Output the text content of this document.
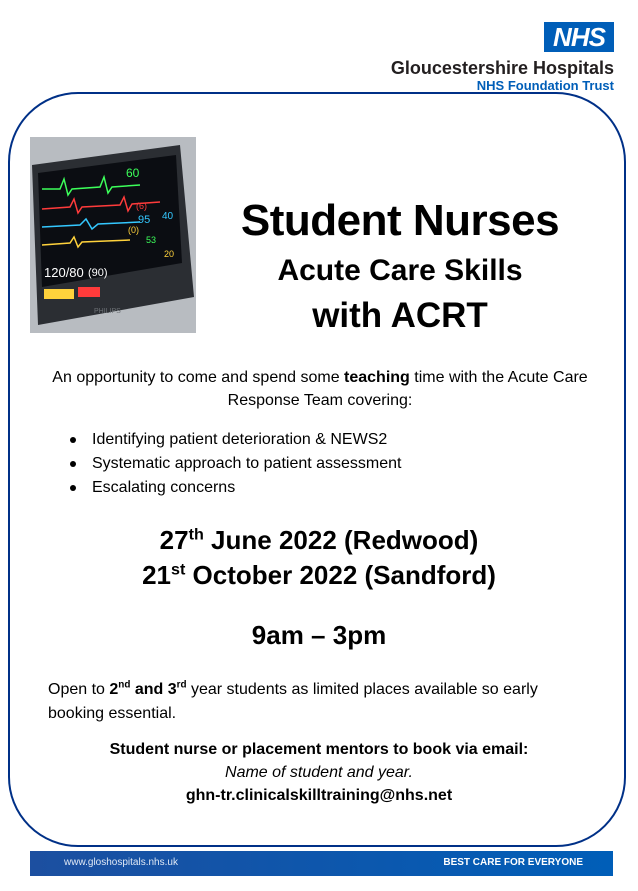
NHS
Gloucestershire Hospitals
NHS Foundation Trust
60
120/80 (90)
95
(6)
40
(0)
53
20
PHILIPS
Student Nurses
Acute Care Skills
with ACRT
An opportunity to come and spend some teaching time with the Acute Care Response Team covering:
Identifying patient deterioration & NEWS2
Systematic approach to patient assessment
Escalating concerns
27th June 2022 (Redwood)
21st October 2022 (Sandford)
9am – 3pm
Open to 2nd and 3rd year students as limited places available so early booking essential.
Student nurse or placement mentors to book via email:
Name of student and year.
ghn-tr.clinicalskilltraining@nhs.net
www.gloshospitals.nhs.uk	BEST CARE FOR EVERYONE
